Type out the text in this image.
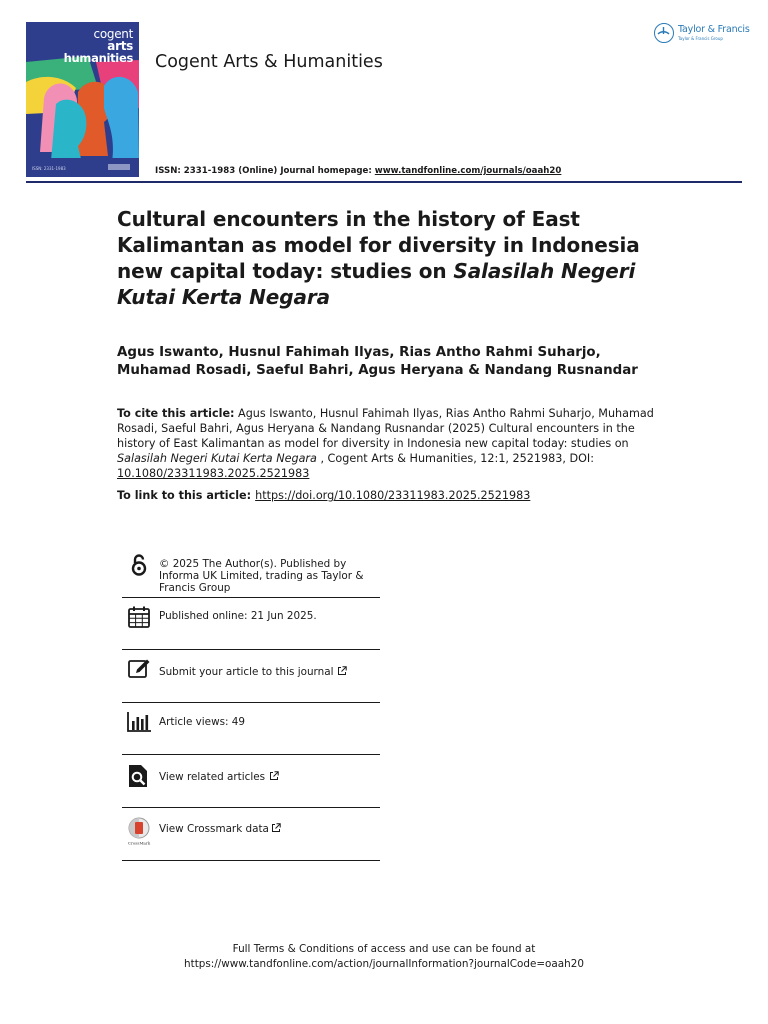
cogent
arts
humanities
ISSN: 2331-1983
Cogent Arts & Humanities
Taylor & Francis
Taylor & Francis Group
ISSN: 2331-1983 (Online) Journal homepage: www.tandfonline.com/journals/oaah20
Cultural encounters in the history of East Kalimantan as model for diversity in Indonesia new capital today: studies on Salasilah Negeri Kutai Kerta Negara
Agus Iswanto, Husnul Fahimah Ilyas, Rias Antho Rahmi Suharjo, Muhamad Rosadi, Saeful Bahri, Agus Heryana & Nandang Rusnandar
To cite this article: Agus Iswanto, Husnul Fahimah Ilyas, Rias Antho Rahmi Suharjo, Muhamad Rosadi, Saeful Bahri, Agus Heryana & Nandang Rusnandar (2025) Cultural encounters in the history of East Kalimantan as model for diversity in Indonesia new capital today: studies on Salasilah Negeri Kutai Kerta Negara , Cogent Arts & Humanities, 12:1, 2521983, DOI: 10.1080/23311983.2025.2521983
To link to this article: https://doi.org/10.1080/23311983.2025.2521983
© 2025 The Author(s). Published by Informa UK Limited, trading as Taylor & Francis Group
Published online: 21 Jun 2025.
Submit your article to this journal
Article views: 49
View related articles
CrossMark
View Crossmark data
Full Terms & Conditions of access and use can be found at
https://www.tandfonline.com/action/journalInformation?journalCode=oaah20
